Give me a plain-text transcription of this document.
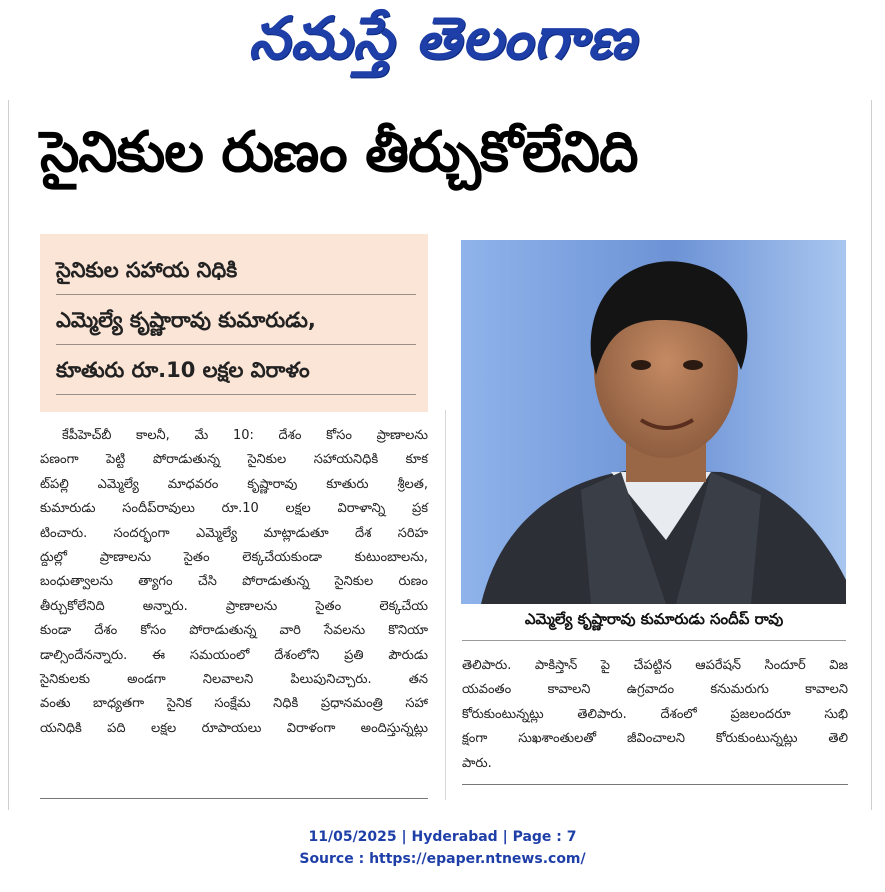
నమస్తే తెలంగాణ
సైనికుల రుణం తీర్చుకోలేనిది
సైనికుల సహాయ నిధికి
ఎమ్మెల్యే కృష్ణారావు కుమారుడు,
కూతురు రూ.10 లక్షల విరాళం
కేపీహెచ్‌బీ కాలనీ, మే 10: దేశం కోసం ప్రాణాలను
పణంగా పెట్టి పోరాడుతున్న సైనికుల సహాయనిధికి కూక
ట్‌పల్లి ఎమ్మెల్యే మాధవరం కృష్ణారావు కూతురు శ్రీలత,
కుమారుడు సందీప్‌రావులు రూ.10 లక్షల విరాళాన్ని ప్రక
టించారు. సందర్భంగా ఎమ్మెల్యే మాట్లాడుతూ దేశ సరిహ
ద్దుల్లో ప్రాణాలను సైతం లెక్కచేయకుండా కుటుంబాలను,
బంధుత్వాలను త్యాగం చేసి పోరాడుతున్న సైనికుల రుణం
తీర్చుకోలేనిది అన్నారు. ప్రాణాలను సైతం లెక్కచేయ
కుండా దేశం కోసం పోరాడుతున్న వారి సేవలను కొనియా
డాల్సిందేనన్నారు. ఈ సమయంలో దేశంలోని ప్రతి పౌరుడు
సైనికులకు అండగా నిలవాలని పిలుపునిచ్చారు. తన
వంతు బాధ్యతగా సైనిక సంక్షేమ నిధికి ప్రధానమంత్రి సహా
యనిధికి పది లక్షల రూపాయలు విరాళంగా అందిస్తున్నట్లు
ఎమ్మెల్యే కృష్ణారావు కుమారుడు సందీప్ రావు
తెలిపారు. పాకిస్తాన్ పై చేపట్టిన ఆపరేషన్ సిందూర్ విజ
యవంతం కావాలని ఉగ్రవాదం కనుమరుగు కావాలని
కోరుకుంటున్నట్లు తెలిపారు. దేశంలో ప్రజలందరూ సుభి
క్షంగా సుఖశాంతులతో జీవించాలని కోరుకుంటున్నట్లు తెలి
పారు.
11/05/2025 | Hyderabad | Page : 7
Source : https://epaper.ntnews.com/
